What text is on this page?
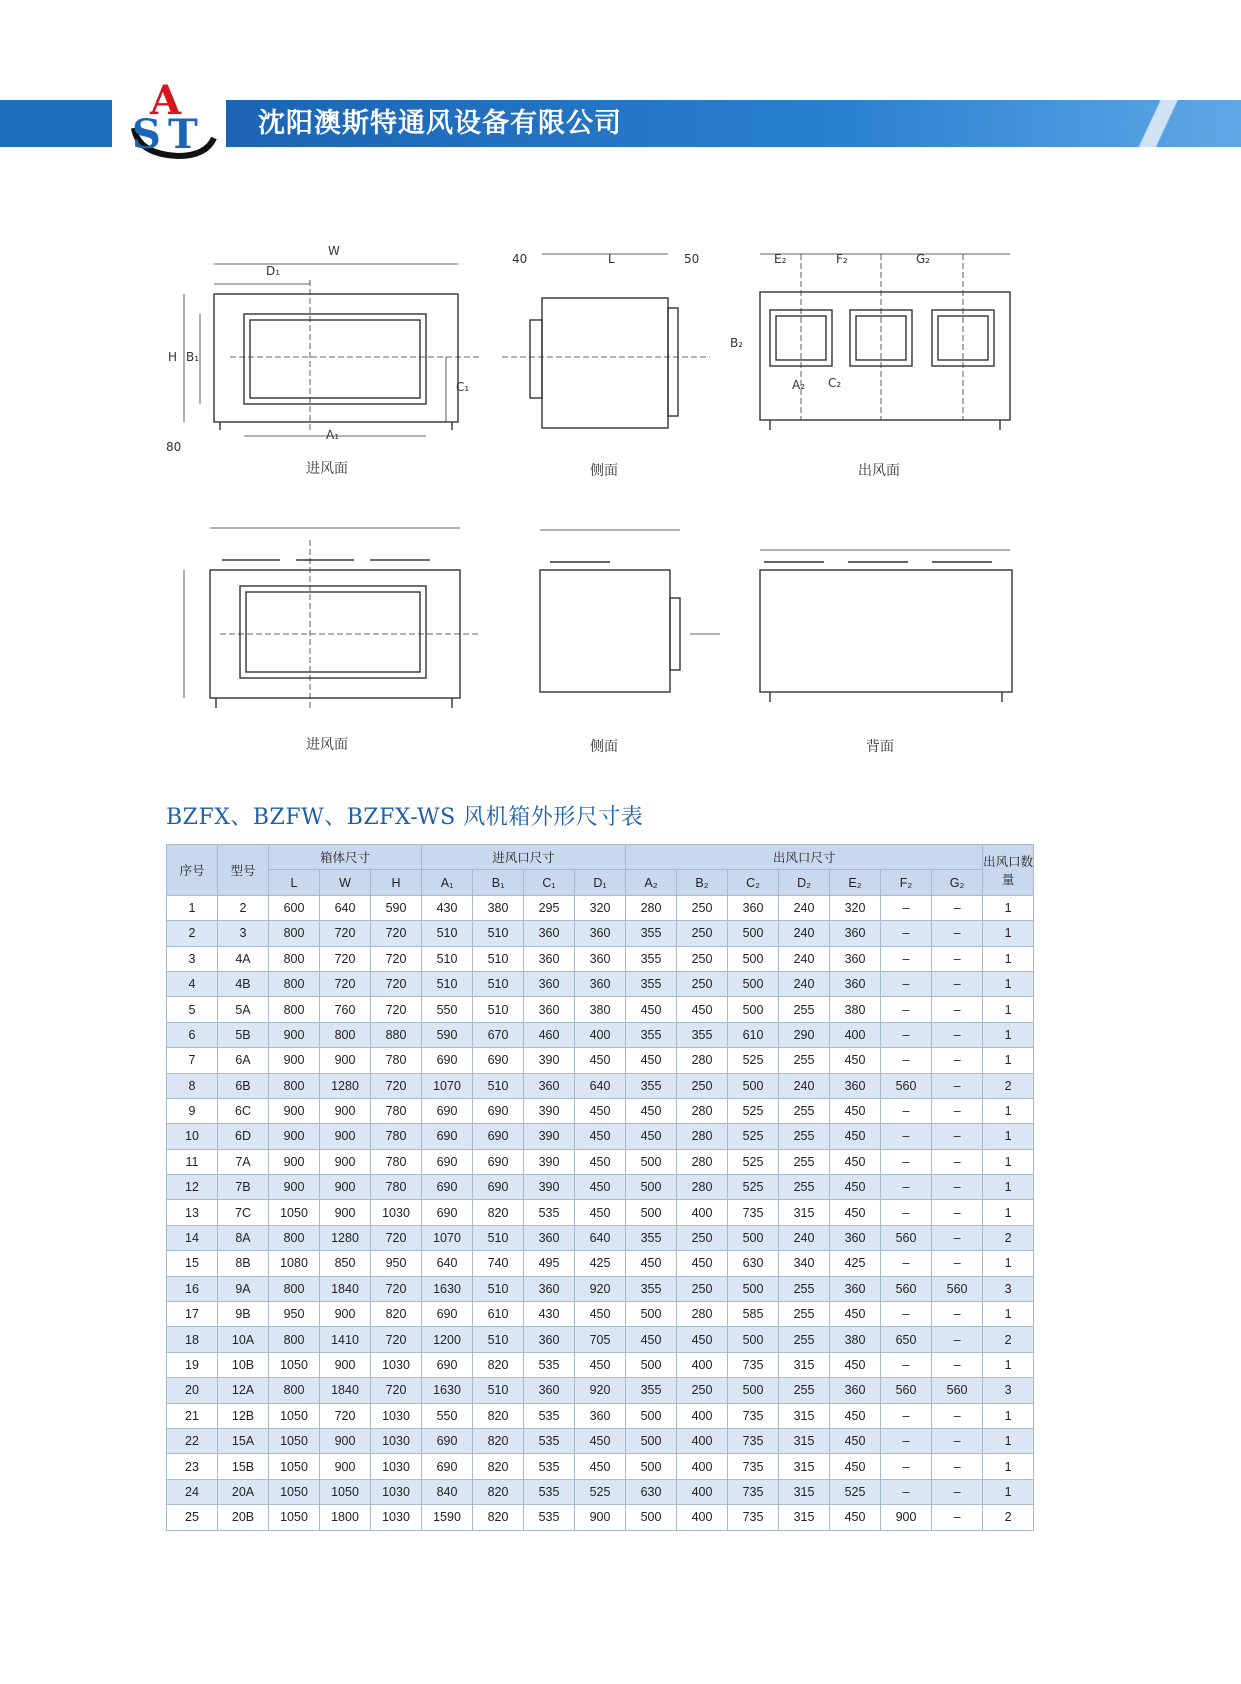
沈阳澳斯特通风设备有限公司
A
S T
W
D₁
H B₁
C₁
A₁
80
L
40	50	E₂	F₂	G₂
A₂
B₂
C₂
进风面	侧面	出风面
进风面	侧面	背面
BZFX、BZFW、BZFX-WS 风机箱外形尺寸表
序号	型号	箱体尺寸			进风口尺寸				出风口尺寸							出风口数量
		L	W	H	A₁	B₁	C₁	D₁	A₂	B₂	C₂	D₂	E₂	F₂	G₂	
1	2	600	640	590	430	380	295	320	280	250	360	240	320	–	–	1
2	3	800	720	720	510	510	360	360	355	250	500	240	360	–	–	1
3	4A	800	720	720	510	510	360	360	355	250	500	240	360	–	–	1
4	4B	800	720	720	510	510	360	360	355	250	500	240	360	–	–	1
5	5A	800	760	720	550	510	360	380	450	450	500	255	380	–	–	1
6	5B	900	800	880	590	670	460	400	355	355	610	290	400	–	–	1
7	6A	900	900	780	690	690	390	450	450	280	525	255	450	–	–	1
8	6B	800	1280	720	1070	510	360	640	355	250	500	240	360	560	–	2
9	6C	900	900	780	690	690	390	450	450	280	525	255	450	–	–	1
10	6D	900	900	780	690	690	390	450	450	280	525	255	450	–	–	1
11	7A	900	900	780	690	690	390	450	500	280	525	255	450	–	–	1
12	7B	900	900	780	690	690	390	450	500	280	525	255	450	–	–	1
13	7C	1050	900	1030	690	820	535	450	500	400	735	315	450	–	–	1
14	8A	800	1280	720	1070	510	360	640	355	250	500	240	360	560	–	2
15	8B	1080	850	950	640	740	495	425	450	450	630	340	425	–	–	1
16	9A	800	1840	720	1630	510	360	920	355	250	500	255	360	560	560	3
17	9B	950	900	820	690	610	430	450	500	280	585	255	450	–	–	1
18	10A	800	1410	720	1200	510	360	705	450	450	500	255	380	650	–	2
19	10B	1050	900	1030	690	820	535	450	500	400	735	315	450	–	–	1
20	12A	800	1840	720	1630	510	360	920	355	250	500	255	360	560	560	3
21	12B	1050	720	1030	550	820	535	360	500	400	735	315	450	–	–	1
22	15A	1050	900	1030	690	820	535	450	500	400	735	315	450	–	–	1
23	15B	1050	900	1030	690	820	535	450	500	400	735	315	450	–	–	1
24	20A	1050	1050	1030	840	820	535	525	630	400	735	315	525	–	–	1
25	20B	1050	1800	1030	1590	820	535	900	500	400	735	315	450	900	–	2
